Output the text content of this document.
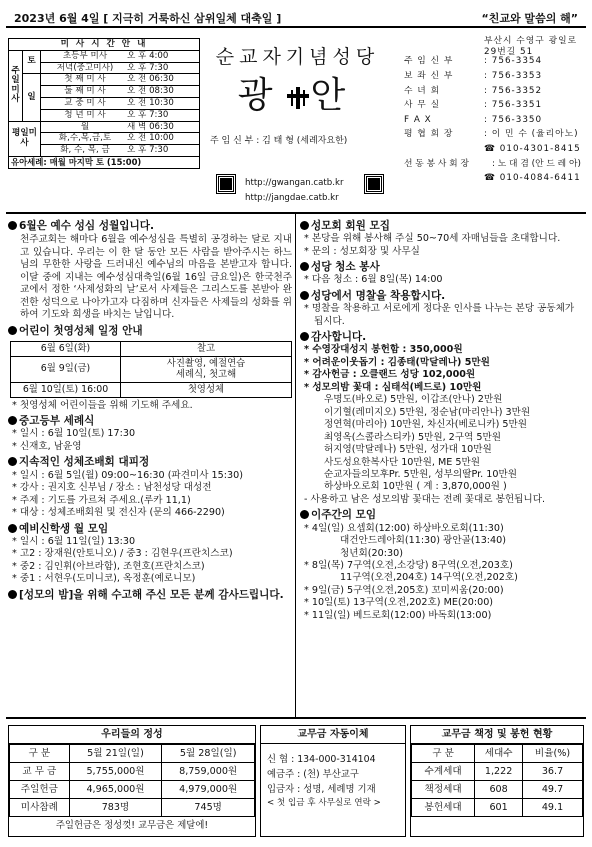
2023년 6월 4일 [ 지극히 거룩하신 삼위일체 대축일 ]	“친교와 말씀의 해”
미 사 시 간 안 내		
주일미사	토	초등부 미사 오 후 4:00
		저녁(중고미사) 오 후 7:30
	일	첫 째 미 사 오 전 06:30
		둘 째 미 사 오 전 08:30
		교 중 미 사 오 전 10:30
		청 년 미 사 오 후 7:30
평일미사		월 새 벽 06:30
		화,수,목,금,토 오 전 10:00
		화, 수, 목, 금 오 후 7:30
유아세례: 매월 마지막 토 (15:00)		
순교자기념성당
광 안
주 임 신 부 : 김 태 형 (세례자요한)
http://gwangan.catb.kr
http://jangdae.catb.kr
부산시 수영구 광일로29번길 51
주 임 신 부	: 756-3354
보 좌 신 부	: 756-3353
수 녀 회	: 756-3352
사 무 실	: 756-3351
F A X	: 756-3350
평 협 회 장	: 이 민 수 (율리아노)
☎ 010-4301-8415
선 동 봉 사 회 장	: 노 대 겸 (안 드 레 아)
☎ 010-4084-6411
6월은 예수 성심 성월입니다.
천주교회는 해마다 6월을 예수성심을 특별히 공경하는 달로 지내고 있습니다. 우리는 이 한 달 동안 모든 사람을 받아주시는 하느님의 무한한 사랑을 드러내신 예수님의 마음을 본받고자 합니다. 이달 중에 지내는 예수성심대축일(6월 16일 금요일)은 한국천주교에서 정한 ‘사제성화의 날’로서 사제들은 그리스도를 본받아 완전한 성덕으로 나아가고자 다짐하며 신자들은 사제들의 성화를 위하여 기도와 희생을 바치는 날입니다.
어린이 첫영성체 일정 안내
6월 6일(화)	찰고
6월 9일(금)	사진촬영, 예절연습
세례식, 첫고해
6월 10일(토) 16:00	첫영성체
* 첫영성체 어린이들을 위해 기도해 주세요.
중고등부 세례식
* 일시 : 6월 10일(토) 17:30
* 신재호, 남윤영
지속적인 성체조배회 대피정
* 일시 : 6월 5일(월) 09:00~16:30 (파견미사 15:30)
* 강사 : 권지호 신부님 / 장소 : 남천성당 대성전
* 주제 : 기도를 가르쳐 주세요.(루카 11,1)
* 대상 : 성체조배회원 및 전신자 (문의 466-2290)
예비신학생 월 모임
* 일시 : 6월 11일(일) 13:30
* 고2 : 장재원(안토니오) / 중3 : 김현우(프란치스코)
* 중2 : 김인휘(아브라함), 조현호(프란치스코)
* 중1 : 서현우(도미니코), 옥정훈(예로니모)
[성모의 밤]을 위해 수고해 주신 모든 분께 감사드립니다.
성모회 회원 모집
* 본당을 위해 봉사해 주실 50~70세 자매님들을 초대합니다.
* 문의 : 성모회장 및 사무실
성당 청소 봉사
* 다음 청소 : 6월 8일(목) 14:00
성당에서 명찰을 착용합시다.
* 명찰을 착용하고 서로에게 정다운 인사를 나누는 본당 공동체가 됩시다.
감사합니다.
* 수영장대성지 봉헌함 : 350,000원
* 어려운이웃돕기 : 김종태(막달레나) 5만원
* 감사헌금 : 오클랜드 성당 102,000원
* 성모의밤 꽃대 : 심태석(베드로) 10만원
우명도(바오로) 5만원, 이갑조(안나) 2만원
이기혈(레미지오) 5만원, 정순남(마리안나) 3만원
정연혁(마리아) 10만원, 차신자(베로니카) 5만원
최영옥(스콜라스티카) 5만원, 2구역 5만원
허지영(막달레나) 5만원, 성가대 10만원
사도성요한복사단 10만원, ME 5만원
순교자들의모후Pr. 5만원, 성부의딸Pr. 10만원
하상바오로회 10만원 ( 계 : 3,870,000원 )
- 사용하고 남은 성모의밤 꽃대는 전례 꽃대로 봉헌됩니다.
이주간의 모임
* 4일(일) 요셉회(12:00) 하상바오로회(11:30)
대건안드레아회(11:30) 광안골(13:40)
청년회(20:30)
* 8일(목) 7구역(오전,소강당) 8구역(오전,203호)
11구역(오전,204호) 14구역(오전,202호)
* 9일(금) 5구역(오전,205호) 꼬미씨움(20:00)
* 10일(토) 13구역(오전,202호) ME(20:00)
* 11일(일) 베드로회(12:00) 바독회(13:00)
우리들의 정성
구 분	5월 21일(일)	5월 28일(일)
교 무 금	5,755,000원	8,759,000원
주일헌금	4,965,000원	4,979,000원
미사참례	783명	745명
주일헌금은 정성껏! 교무금은 제달에!
교무금 자동이체
신 협 : 134-000-314104
예금주 : (천) 부산교구
입금자 : 성명, 세례명 기재
< 첫 입금 후 사무실로 연락 >
교무금 책정 및 봉헌 현황
구 분	세대수	비율(%)
수계세대	1,222	36.7
책정세대	608	49.7
봉헌세대	601	49.1
